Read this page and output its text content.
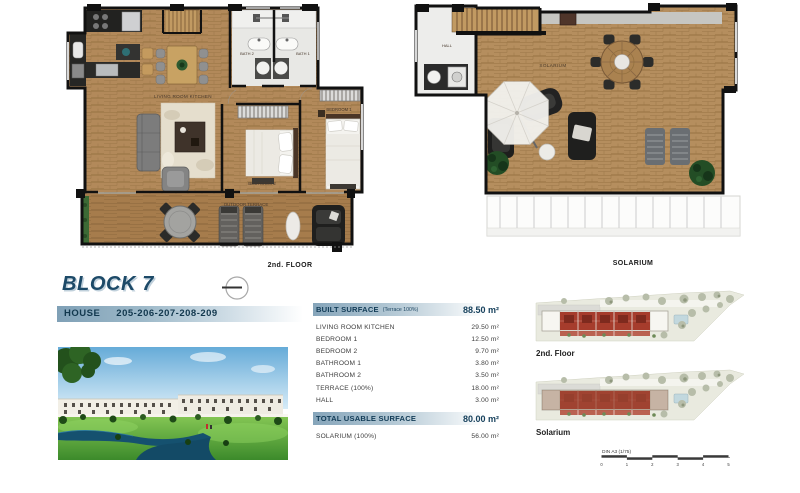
LIVING ROOM KITCHEN
BATH 2	BATH 1
BEDROOM 1
BEDROOM 2
OUTDOOR TERRACE
2nd. FLOOR
HALL
SOLARIUM
SOLARIUM
BLOCK 7
HOUSE 205-206-207-208-209	BUILT SURFACE (Terrace 100%)	88.50 m²
LIVING ROOM KITCHEN	29.50 m²
BEDROOM 1	12.50 m²
BEDROOM 2	9.70 m²
BATHROOM 1	3.80 m²
BATHROOM 2	3.50 m²
TERRACE (100%)	18.00 m²
HALL	3.00 m²
TOTAL USABLE SURFACE	80.00 m²
SOLARIUM (100%)	56.00 m²
2nd. Floor
Solarium
DIN A3 (1/75)
0	1	2	3	4	5
